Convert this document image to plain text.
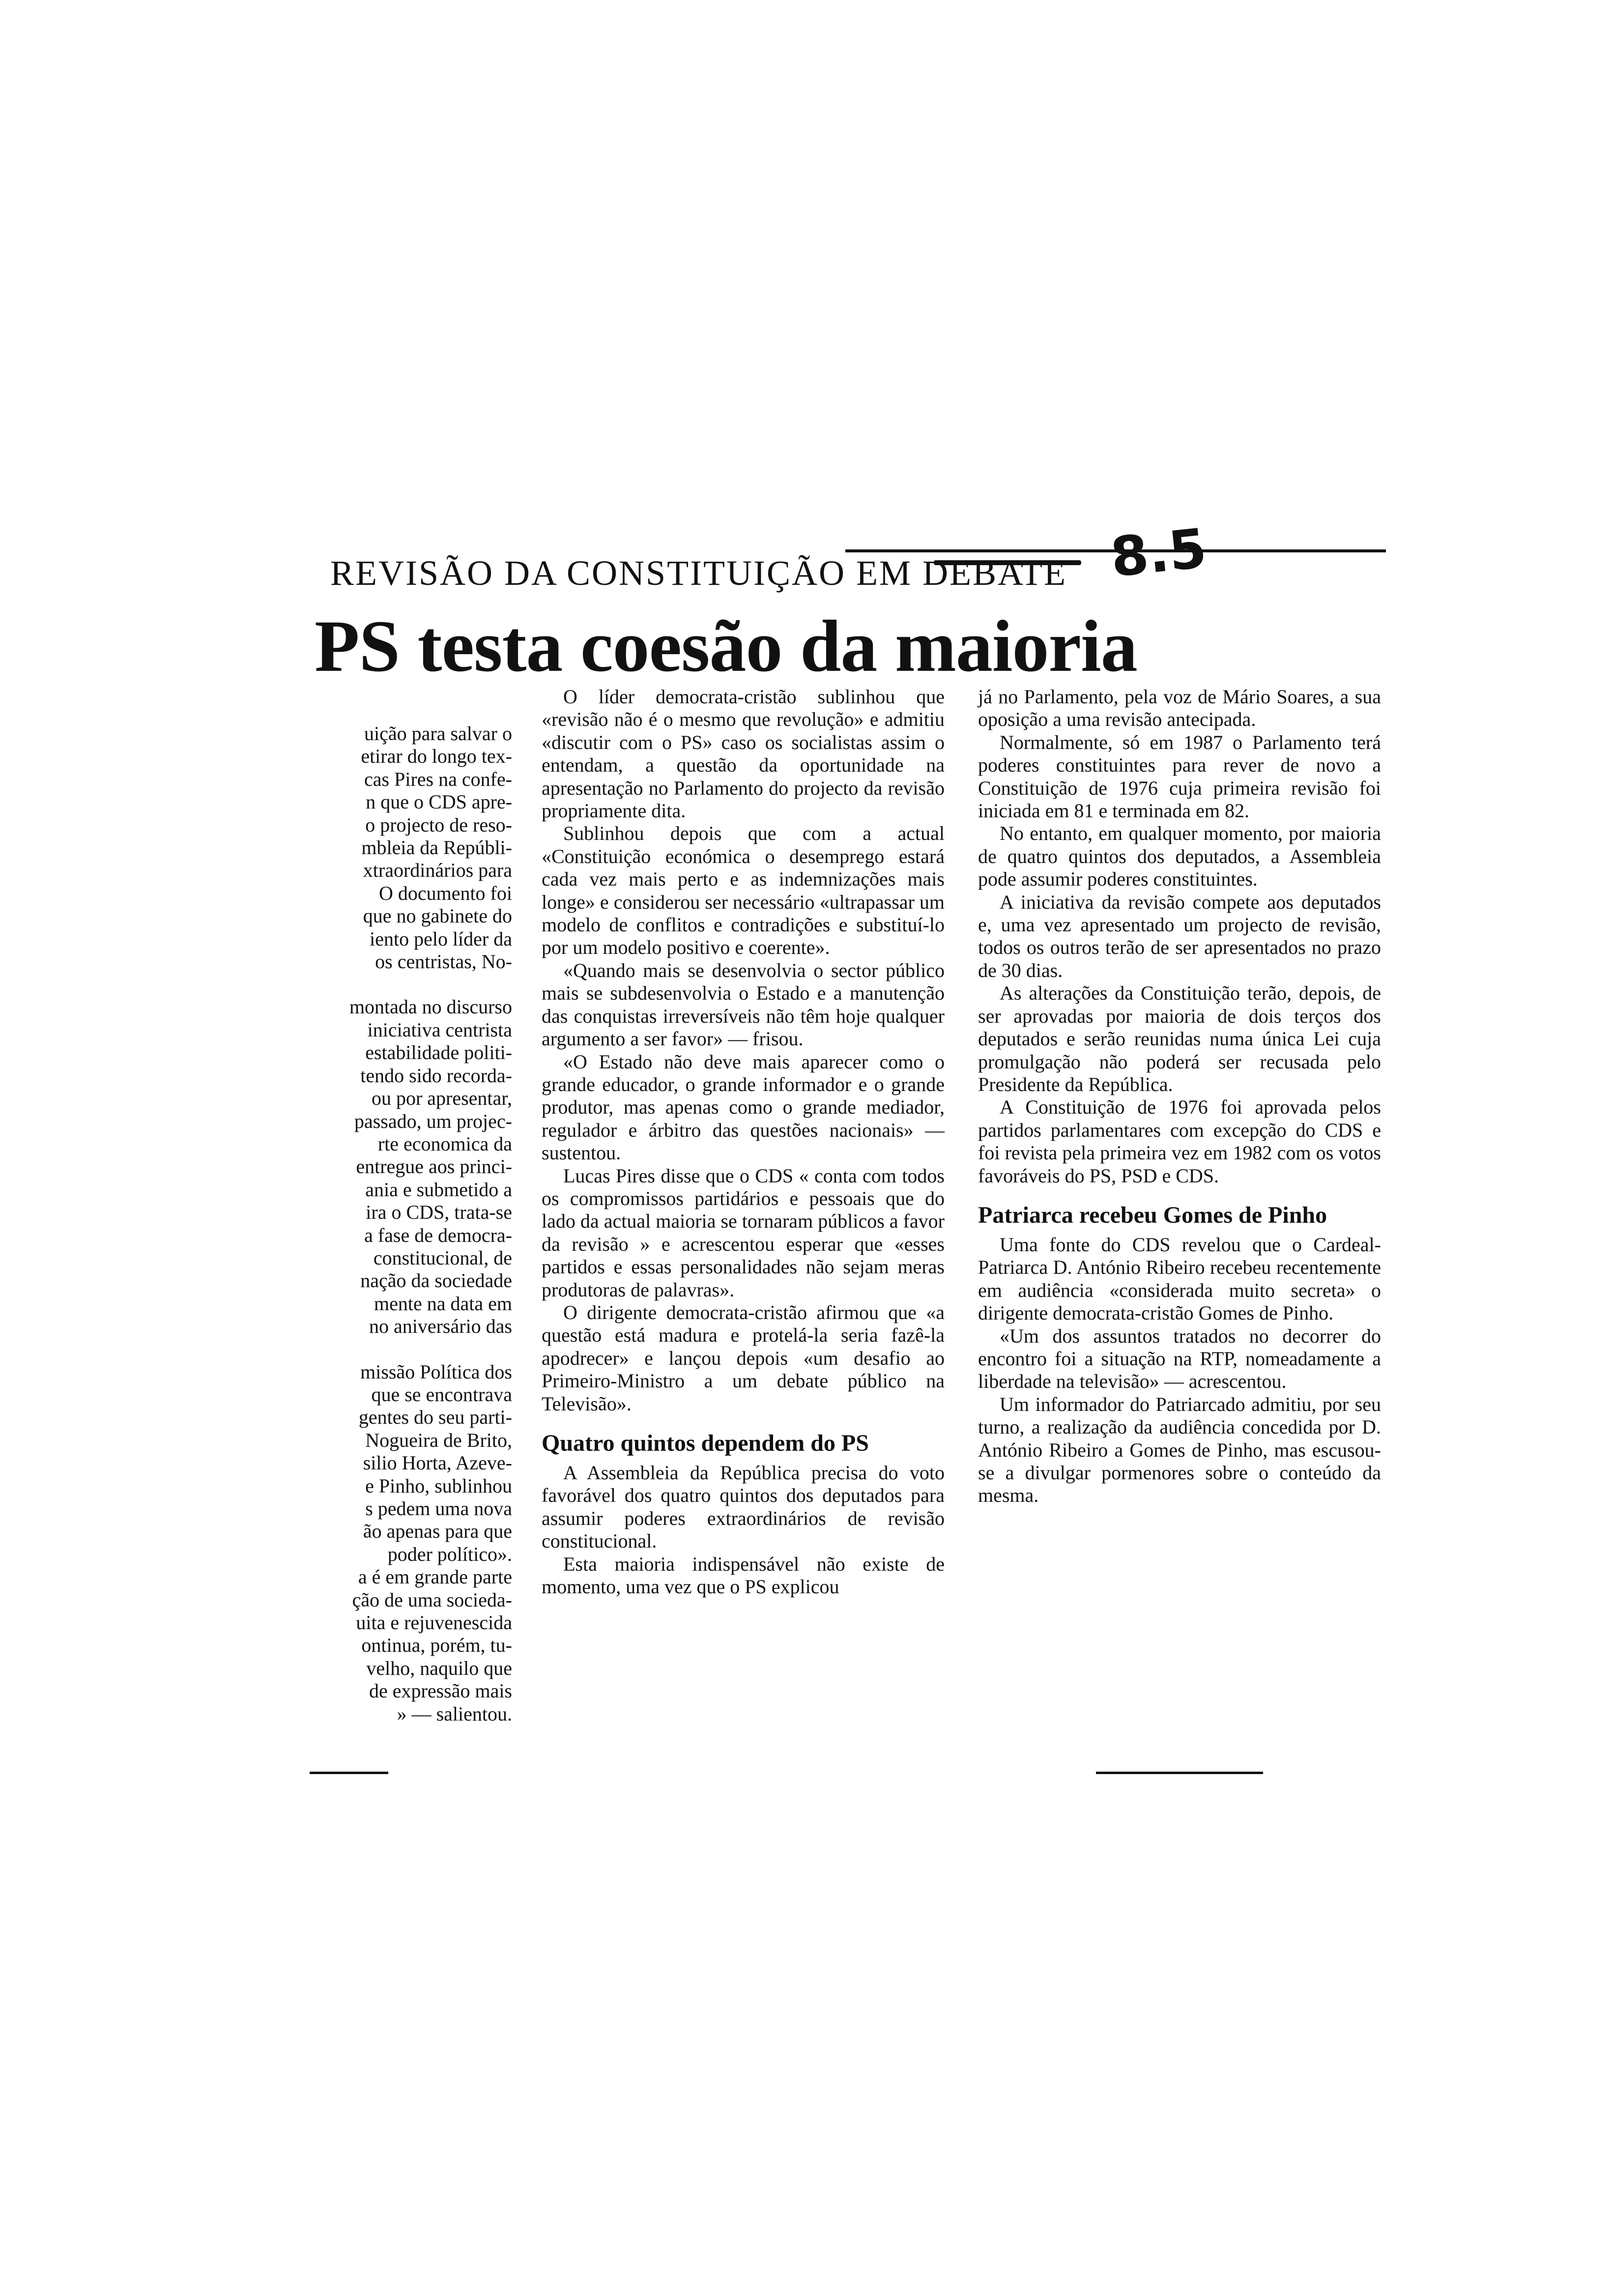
REVISÃO DA CONSTITUIÇÃO EM DEBATE 8.5
PS testa coesão da maioria

uição para salvar o

etirar do longo tex-

cas Pires na confe-

n que o CDS apre-

o projecto de reso-

mbleia da Repúbli-

xtraordinários para

O documento foi

que no gabinete do

iento pelo líder da

os centristas, No-

montada no discurso

iniciativa centrista

estabilidade politi-

tendo sido recorda-

ou por apresentar,

passado, um projec-

rte economica da

entregue aos princi-

ania e submetido a

ira o CDS, trata-se

a fase de democra-

constitucional, de

nação da sociedade

mente na data em

no aniversário das

missão Política dos

que se encontrava

gentes do seu parti-

Nogueira de Brito,

silio Horta, Azeve-

e Pinho, sublinhou

s pedem uma nova

ão apenas para que

poder político».

a é em grande parte

ção de uma socieda-

uita e rejuvenescida

ontinua, porém, tu-

velho, naquilo que

de expressão mais

» — salientou.

O líder democrata-cristão sublinhou que «revisão não é o mesmo que revolução» e admitiu «discutir com o PS» caso os socialistas assim o entendam, a questão da oportunidade na apresentação no Parlamento do projecto da revisão propriamente dita.

Sublinhou depois que com a actual «Constituição económica o desemprego estará cada vez mais perto e as indemnizações mais longe» e considerou ser necessário «ultrapassar um modelo de conflitos e contradições e substituí-lo por um modelo positivo e coerente».

«Quando mais se desenvolvia o sector público mais se subdesenvolvia o Estado e a manutenção das conquistas irreversíveis não têm hoje qualquer argumento a ser favor» — frisou.

«O Estado não deve mais aparecer como o grande educador, o grande informador e o grande produtor, mas apenas como o grande mediador, regulador e árbitro das questões nacionais» — sustentou.

Lucas Pires disse que o CDS « conta com todos os compromissos partidários e pessoais que do lado da actual maioria se tornaram públicos a favor da revisão » e acrescentou esperar que «esses partidos e essas personalidades não sejam meras produtoras de palavras».

O dirigente democrata-cristão afirmou que «a questão está madura e protelá-la seria fazê-la apodrecer» e lançou depois «um desafio ao Primeiro-Ministro a um debate público na Televisão».

Quatro quintos dependem do PS

A Assembleia da República precisa do voto favorável dos quatro quintos dos deputados para assumir poderes extraordinários de revisão constitucional.

Esta maioria indispensável não existe de momento, uma vez que o PS explicou

já no Parlamento, pela voz de Mário Soares, a sua oposição a uma revisão antecipada.

Normalmente, só em 1987 o Parlamento terá poderes constituintes para rever de novo a Constituição de 1976 cuja primeira revisão foi iniciada em 81 e terminada em 82.

No entanto, em qualquer momento, por maioria de quatro quintos dos deputados, a Assembleia pode assumir poderes constituintes.

A iniciativa da revisão compete aos deputados e, uma vez apresentado um projecto de revisão, todos os outros terão de ser apresentados no prazo de 30 dias.

As alterações da Constituição terão, depois, de ser aprovadas por maioria de dois terços dos deputados e serão reunidas numa única Lei cuja promulgação não poderá ser recusada pelo Presidente da República.

A Constituição de 1976 foi aprovada pelos partidos parlamentares com excepção do CDS e foi revista pela primeira vez em 1982 com os votos favoráveis do PS, PSD e CDS.

Patriarca recebeu Gomes de Pinho

Uma fonte do CDS revelou que o Cardeal-Patriarca D. António Ribeiro recebeu recentemente em audiência «considerada muito secreta» o dirigente democrata-cristão Gomes de Pinho.

«Um dos assuntos tratados no decorrer do encontro foi a situação na RTP, nomeadamente a liberdade na televisão» — acrescentou.

Um informador do Patriarcado admitiu, por seu turno, a realização da audiência concedida por D. António Ribeiro a Gomes de Pinho, mas escusou-se a divulgar pormenores sobre o conteúdo da mesma.
